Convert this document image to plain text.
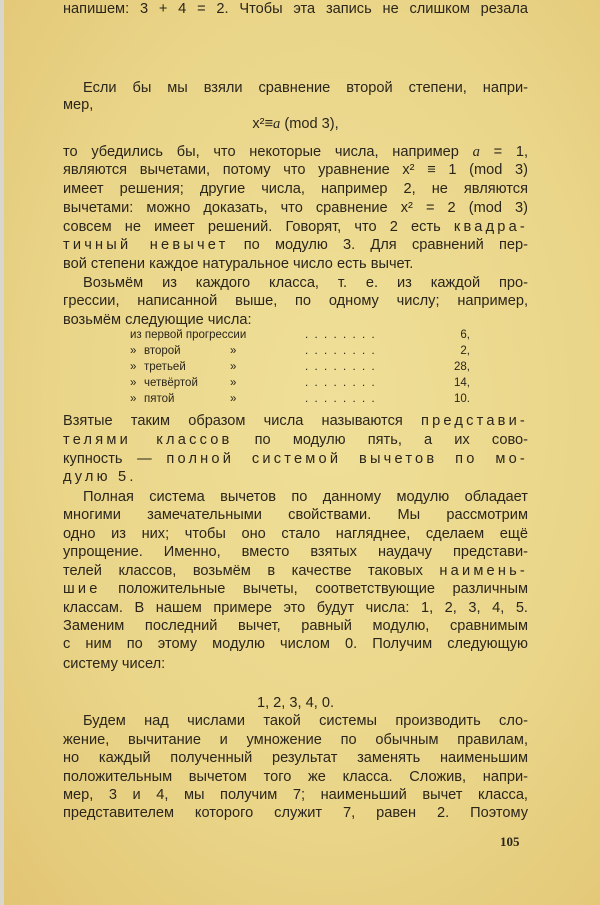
Если бы мы взяли сравнение второй степени, напри-
мер,
x²≡a (mod 3),
то убедились бы, что некоторые числа, например a = 1,
являются вычетами, потому что уравнение x² ≡ 1 (mod 3)
имеет решения; другие числа, например 2, не являются
вычетами: можно доказать, что сравнение x² = 2 (mod 3)
совсем не имеет решений. Говорят, что 2 есть квадра-
тичный невычет по модулю 3. Для сравнений пер-
вой степени каждое натуральное число есть вычет.
Возьмём из каждого класса, т. е. из каждой про-
грессии, написанной выше, по одному числу; например,
возьмём следующие числа:
из первой прогрессии	........	6,
» второй	»	........	2,
» третьей	»	........	28,
» четвёртой	»	........	14,
» пятой	»	........	10.
Взятые таким образом числа называются представи-
телями классов по модулю пять, а их сово-
купность — полной системой вычетов по мо-
дулю 5.
Полная система вычетов по данному модулю обладает
многими замечательными свойствами. Мы рассмотрим
одно из них; чтобы оно стало нагляднее, сделаем ещё
упрощение. Именно, вместо взятых наудачу представи-
телей классов, возьмём в качестве таковых наимень-
шие положительные вычеты, соответствующие различным
классам. В нашем примере это будут числа: 1, 2, 3, 4, 5.
Заменим последний вычет, равный модулю, сравнимым
с ним по этому модулю числом 0. Получим следующую
систему чисел:
1, 2, 3, 4, 0.
Будем над числами такой системы производить сло-
жение, вычитание и умножение по обычным правилам,
но каждый полученный результат заменять наименьшим
положительным вычетом того же класса. Сложив, напри-
мер, 3 и 4, мы получим 7; наименьший вычет класса,
представителем которого служит 7, равен 2. Поэтому
напишем: 3 + 4 = 2. Чтобы эта запись не слишком резала
105
